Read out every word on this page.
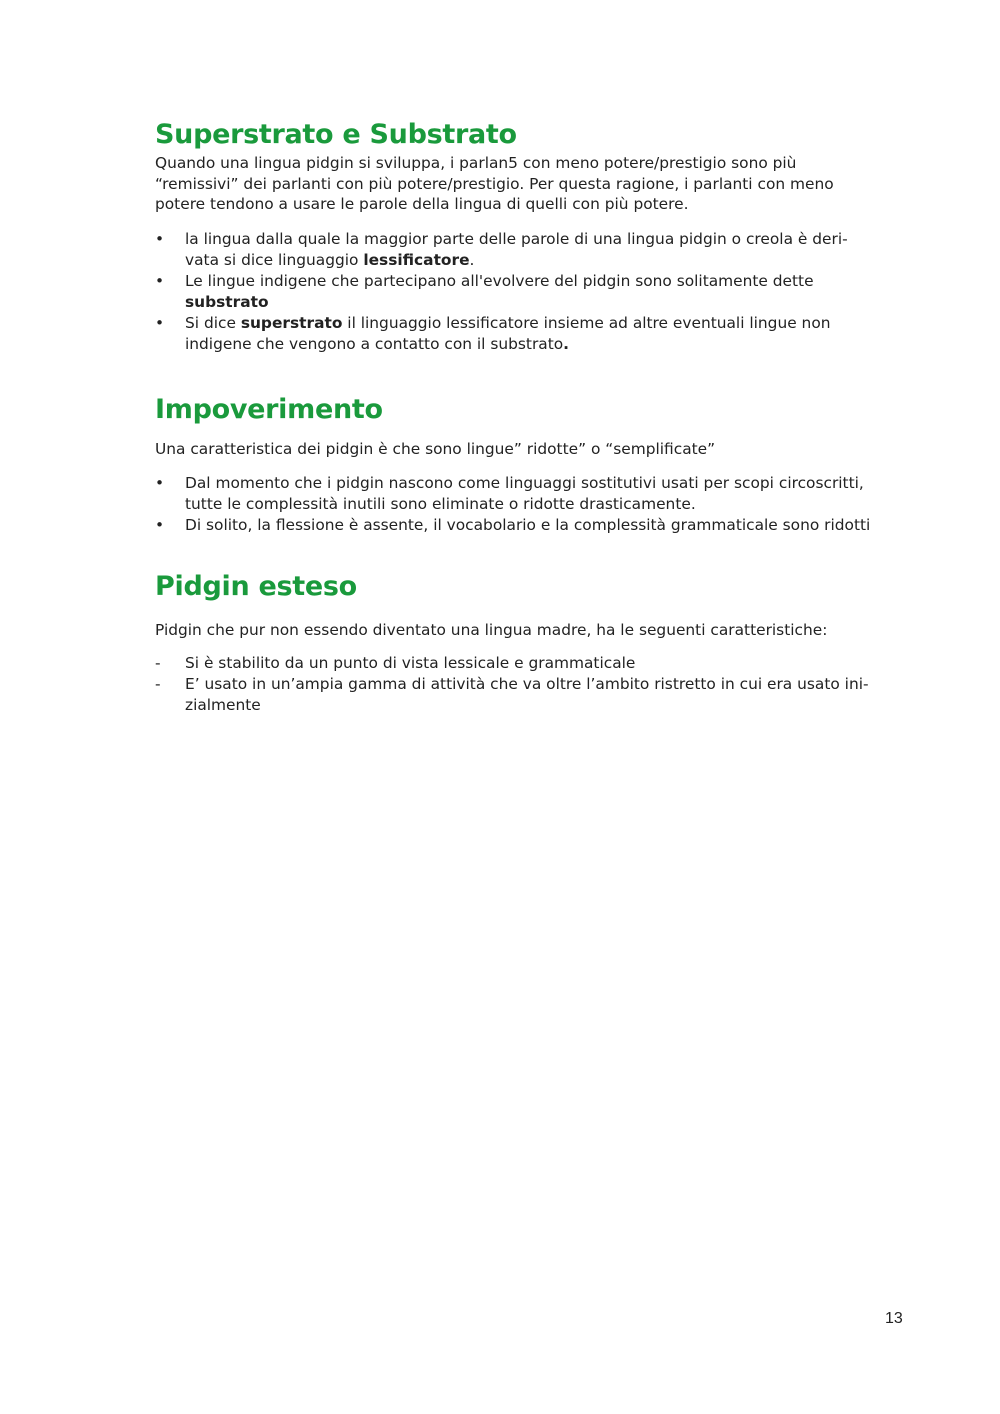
Superstrato e Substrato

Quando una lingua pidgin si sviluppa, i parlan5 con meno potere/prestigio sono più
“remissivi” dei parlanti con più potere/prestigio. Per questa ragione, i parlanti con meno
potere tendono a usare le parole della lingua di quelli con più potere.

• la lingua dalla quale la maggior parte delle parole di una lingua pidgin o creola è deri-
vata si dice linguaggio lessificatore.
• Le lingue indigene che partecipano all'evolvere del pidgin sono solitamente dette
substrato
• Si dice superstrato il linguaggio lessificatore insieme ad altre eventuali lingue non
indigene che vengono a contatto con il substrato.
Impoverimento

Una caratteristica dei pidgin è che sono lingue” ridotte” o “semplificate”

• Dal momento che i pidgin nascono come linguaggi sostitutivi usati per scopi circoscritti,
tutte le complessità inutili sono eliminate o ridotte drasticamente.
• Di solito, la flessione è assente, il vocabolario e la complessità grammaticale sono ridotti
Pidgin esteso

Pidgin che pur non essendo diventato una lingua madre, ha le seguenti caratteristiche:

- Si è stabilito da un punto di vista lessicale e grammaticale
- E’ usato in un’ampia gamma di attività che va oltre l’ambito ristretto in cui era usato ini-
zialmente
13
